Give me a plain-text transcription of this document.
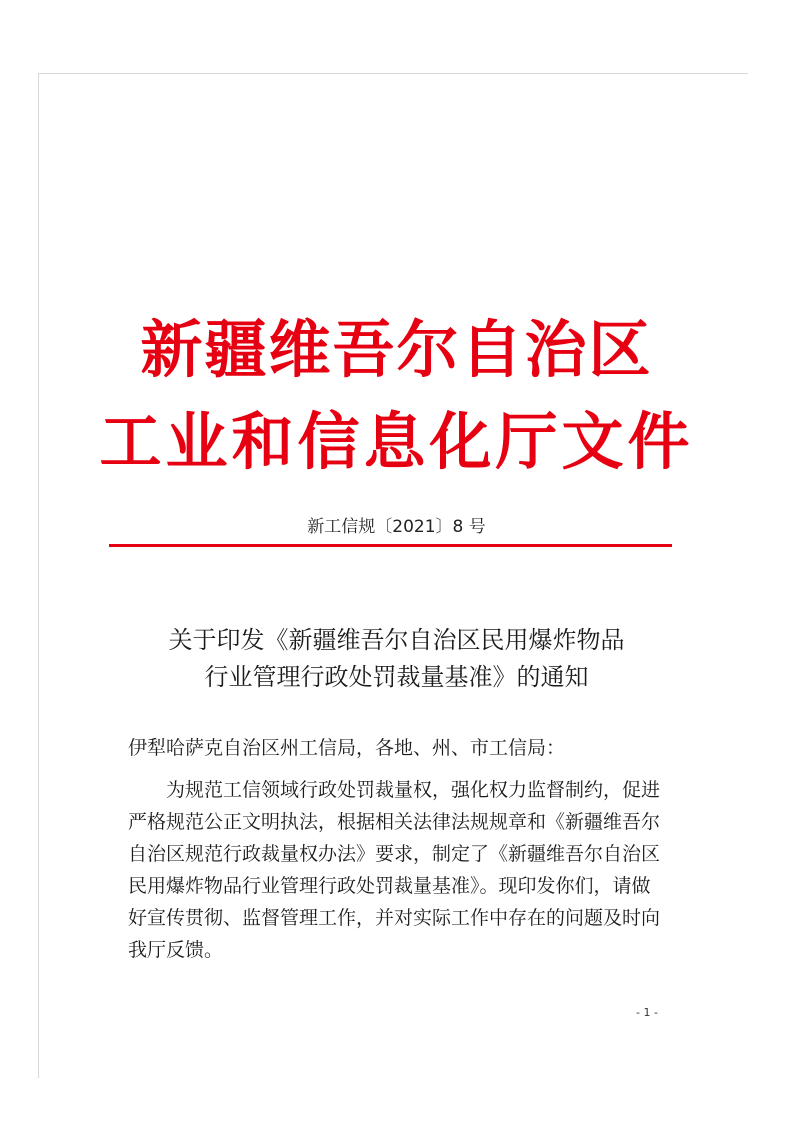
新疆维吾尔自治区
工业和信息化厅文件
新工信规〔2021〕8 号
关于印发《新疆维吾尔自治区民用爆炸物品
行业管理行政处罚裁量基准》的通知
伊犁哈萨克自治区州工信局，各地、州、市工信局：
为规范工信领域行政处罚裁量权，强化权力监督制约，促进
严格规范公正文明执法，根据相关法律法规规章和《新疆维吾尔
自治区规范行政裁量权办法》要求，制定了《新疆维吾尔自治区
民用爆炸物品行业管理行政处罚裁量基准》。现印发你们，请做
好宣传贯彻、监督管理工作，并对实际工作中存在的问题及时向
我厅反馈。
- 1 -
